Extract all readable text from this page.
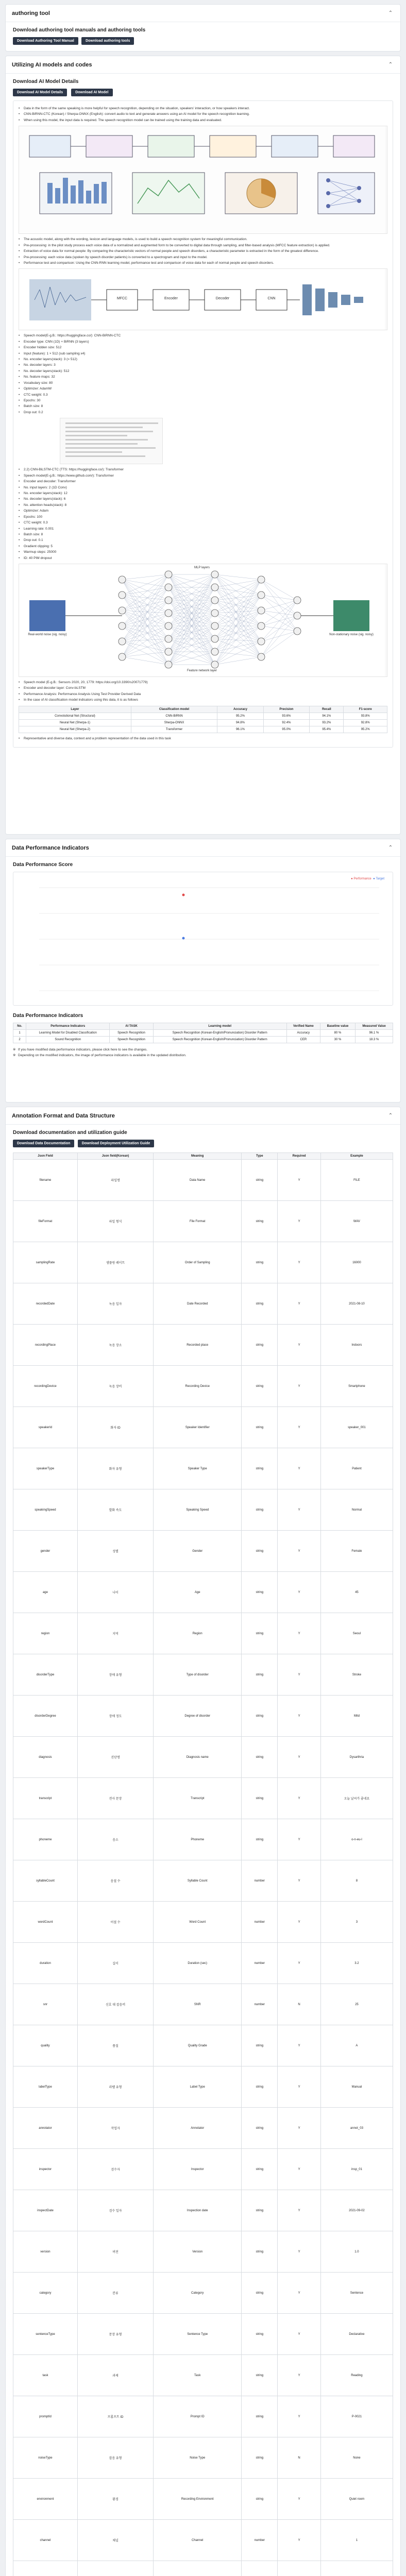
authoring tool	⌃
Download authoring tool manuals and authoring tools
Download Authoring Tool Manual	Download authoring tools
Utilizing AI models and codes	⌃
Download AI Model Details
Download AI Model Details	Download AI Model
•	Data in the form of the same speaking is more helpful for speech recognition, depending on the situation, speakers' interaction, or how speakers interact.
•	CNN-BiRNN-CTC (Korean) / Sherpa-ONNX (English): convert audio to text and generate answers using an AI model for the speech recognition learning.
•	When using this model, the input data is required. The speech recognition model can be trained using the training data and evaluated.
•	The acoustic model, along with the wording, lexicon and language models, is used to build a speech recognition system for meaningful communication.
•	Pre-processing: in the pilot study process each voice data of a normalized and augmented form to be converted to digital data through sampling, and filter-based analysis (MFCC feature extraction) is applied.
•	Extraction of voice data for normal people: By comparing the characteristic vectors of normal people and speech disorders, a characteristic parameter is extracted in the form of the greatest difference.
•	Pre-processing: each voice data (spoken by speech disorder patients) is converted to a spectrogram and input to the model.
•	Performance test and comparison: Using the CNN-RNN learning model, performance test and comparison of voice data for each of normal people and speech disorders.
MFCC	Encoder	Decoder	CNN
•	Speech model(E-g.B.: https://huggingface.co/): CNN-BiRNN-CTC
•	Encoder type: CNN (1D) + BiRNN (3 layers)
•	Encoder hidden size: 512
•	Input (feature): 1 × 512 (sub sampling x4)
•	No. encoder layers(stack): 3 (= 512)
•	No. decoder layers: 3
•	No. decoder layers(stack): 512
•	No. feature maps: 32
•	Vocabulary size: 80
•	Optimizer: AdamW
•	CTC weight: 0.3
•	Epochs: 30
•	Batch size: 8
•	Drop out: 0.2
•	2.2) CNN-BiLSTM-CTC (TTS: https://huggingface.co/): Transformer
•	Speech model(E-g.B.: https://www.github.com/): Transformer
•	Encoder and decoder: Transformer
•	No. input layers: 2 (1D Conv)
•	No. encoder layers(stack): 12
•	No. decoder layers(stack): 6
•	No. attention heads(stack): 8
•	Optimizer: Adam
•	Epochs: 100
•	CTC weight: 0.3
•	Learning rate: 0.001
•	Batch size: 8
•	Drop out: 0.1
•	Gradient clipping: 5
•	Warmup steps: 25000
•	ID: 40 PIM dropout
Real-world noise (sig. noisy)	Non-stationary noise (sig. noisy)
MLP layers
Feature network layer
•	Speech model (E-g.B.: Sensors 2020, 20, 1779: https://doi.org/10.3390/s20071779)
•	Encoder and decoder layer: Conv-bLSTM
•	Performance Analysis: Performance Analysis Using Test Provider Derived Data
•	In the case of AI classification model indicators using this data, it is as follows
Layer	Classification model	Accuracy	Precision	Recall	F1-score
Convolutional Net (Structural)	CNN-BiRNN	95.2%	93.6%	94.1%	93.8%
Neural Net (Sherpa-1)	Sherpa-ONNX	94.8%	92.4%	93.2%	92.8%
Neural Net (Sherpa-2)	Transformer	96.1%	95.0%	95.4%	95.2%
•	Representative and diverse data, context and a problem representation of the data used in this task
Data Performance Indicators	⌃
Data Performance Score
● Performance ● Target
Data Performance Indicators
No.	Performance Indicators	AI TASK	Learning model	Verified Name	Baseline value	Measured Value
1	Learning Model for Disabled Classification	Speech Recognition	Speech Recognition (Korean-English/Pronunciation) Disorder Pattern	Accuracy	80 %	96.1 %
2	Sound Recognition	Speech Recognition	Speech Recognition (Korean-English/Pronunciation) Disorder Pattern	CER	30 %	18.3 %
※ If you have modified data performance indicators, please click here to see the changes.
※ Depending on the modified indicators, the image of performance indicators is available in the updated distribution.
Annotation Format and Data Structure	⌃
Download documentation and utilization guide
Download Data Documentation	Download Deployment Utilization Guide
Json Field	Json field(Korean)	Meaning	Type	Required	Example
filename	파일명	Data Name	string	Y	FILE
fileFormat	파일 형식	File Format	string	Y	WAV
samplingRate	샘플링 레이트	Order of Sampling	string	Y	16000
recordedDate	녹음 일자	Date Recorded	string	Y	2021-08-10
recordingPlace	녹음 장소	Recorded place	string	Y	Indoors
recordingDevice	녹음 장비	Recording Device	string	Y	Smartphone
speakerId	화자 ID	Speaker Identifier	string	Y	speaker_001
speakerType	화자 유형	Speaker Type	string	Y	Patient
speakingSpeed	발화 속도	Speaking Speed	string	Y	Normal
gender	성별	Gender	string	Y	Female
age	나이	Age	string	Y	45
region	지역	Region	string	Y	Seoul
disorderType	장애 유형	Type of disorder	string	Y	Stroke
disorderDegree	장애 정도	Degree of disorder	string	Y	Mild
diagnosis	진단명	Diagnosis name	string	Y	Dysarthria
transcript	전사 문장	Transcript	string	Y	오늘 날씨가 좋네요
phoneme	음소	Phoneme	string	Y	o-n-eu-l
syllableCount	음절 수	Syllable Count	number	Y	8
wordCount	어절 수	Word Count	number	Y	3
duration	길이	Duration (sec)	number	Y	3.2
snr	신호 대 잡음비	SNR	number	N	25
quality	품질	Quality Grade	string	Y	A
labelType	라벨 유형	Label Type	string	Y	Manual
annotator	작업자	Annotator	string	Y	annot_03
inspector	검수자	Inspector	string	Y	insp_01
inspectDate	검수 일자	Inspection date	string	Y	2021-09-02
version	버전	Version	string	Y	1.0
category	분류	Category	string	Y	Sentence
sentenceType	문장 유형	Sentence Type	string	Y	Declarative
task	과제	Task	string	Y	Reading
promptId	프롬프트 ID	Prompt ID	string	Y	P-0021
noiseType	잡음 유형	Noise Type	string	N	None
environment	환경	Recording Environment	string	Y	Quiet room
channel	채널	Channel	number	Y	1
